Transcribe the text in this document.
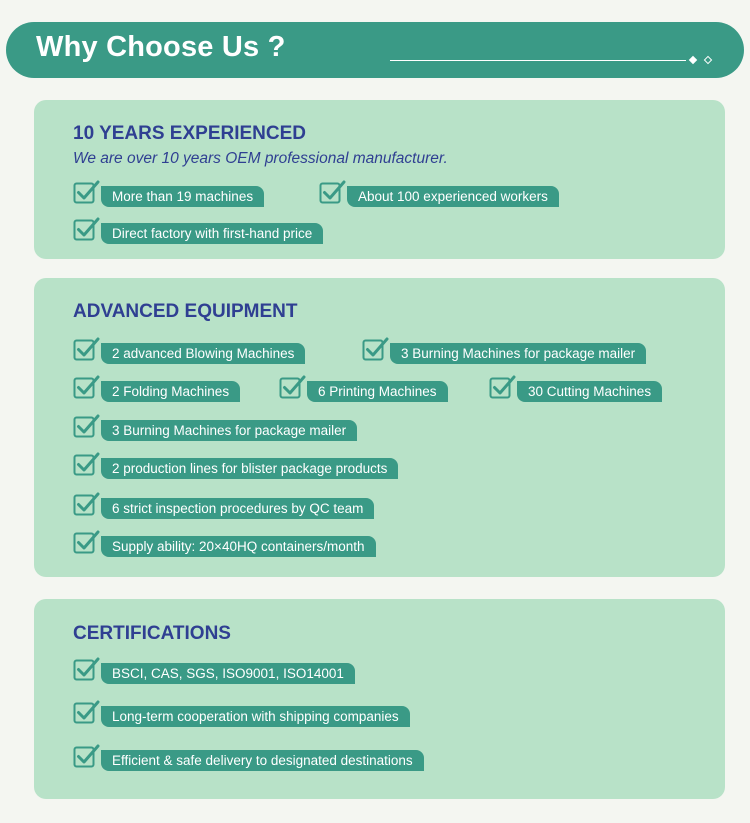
Why Choose Us ?
10 YEARS EXPERIENCED
We are over 10 years OEM professional manufacturer.
More than 19 machines	About 100 experienced workers
Direct factory with first-hand price
ADVANCED EQUIPMENT
2 advanced Blowing Machines	3 Burning Machines for package mailer
2 Folding Machines	6 Printing Machines	30 Cutting Machines
3 Burning Machines for package mailer
2 production lines for blister package products
6 strict inspection procedures by QC team
Supply ability: 20×40HQ containers/month
CERTIFICATIONS
BSCI, CAS, SGS, ISO9001, ISO14001
Long-term cooperation with shipping companies
Efficient & safe delivery to designated destinations
